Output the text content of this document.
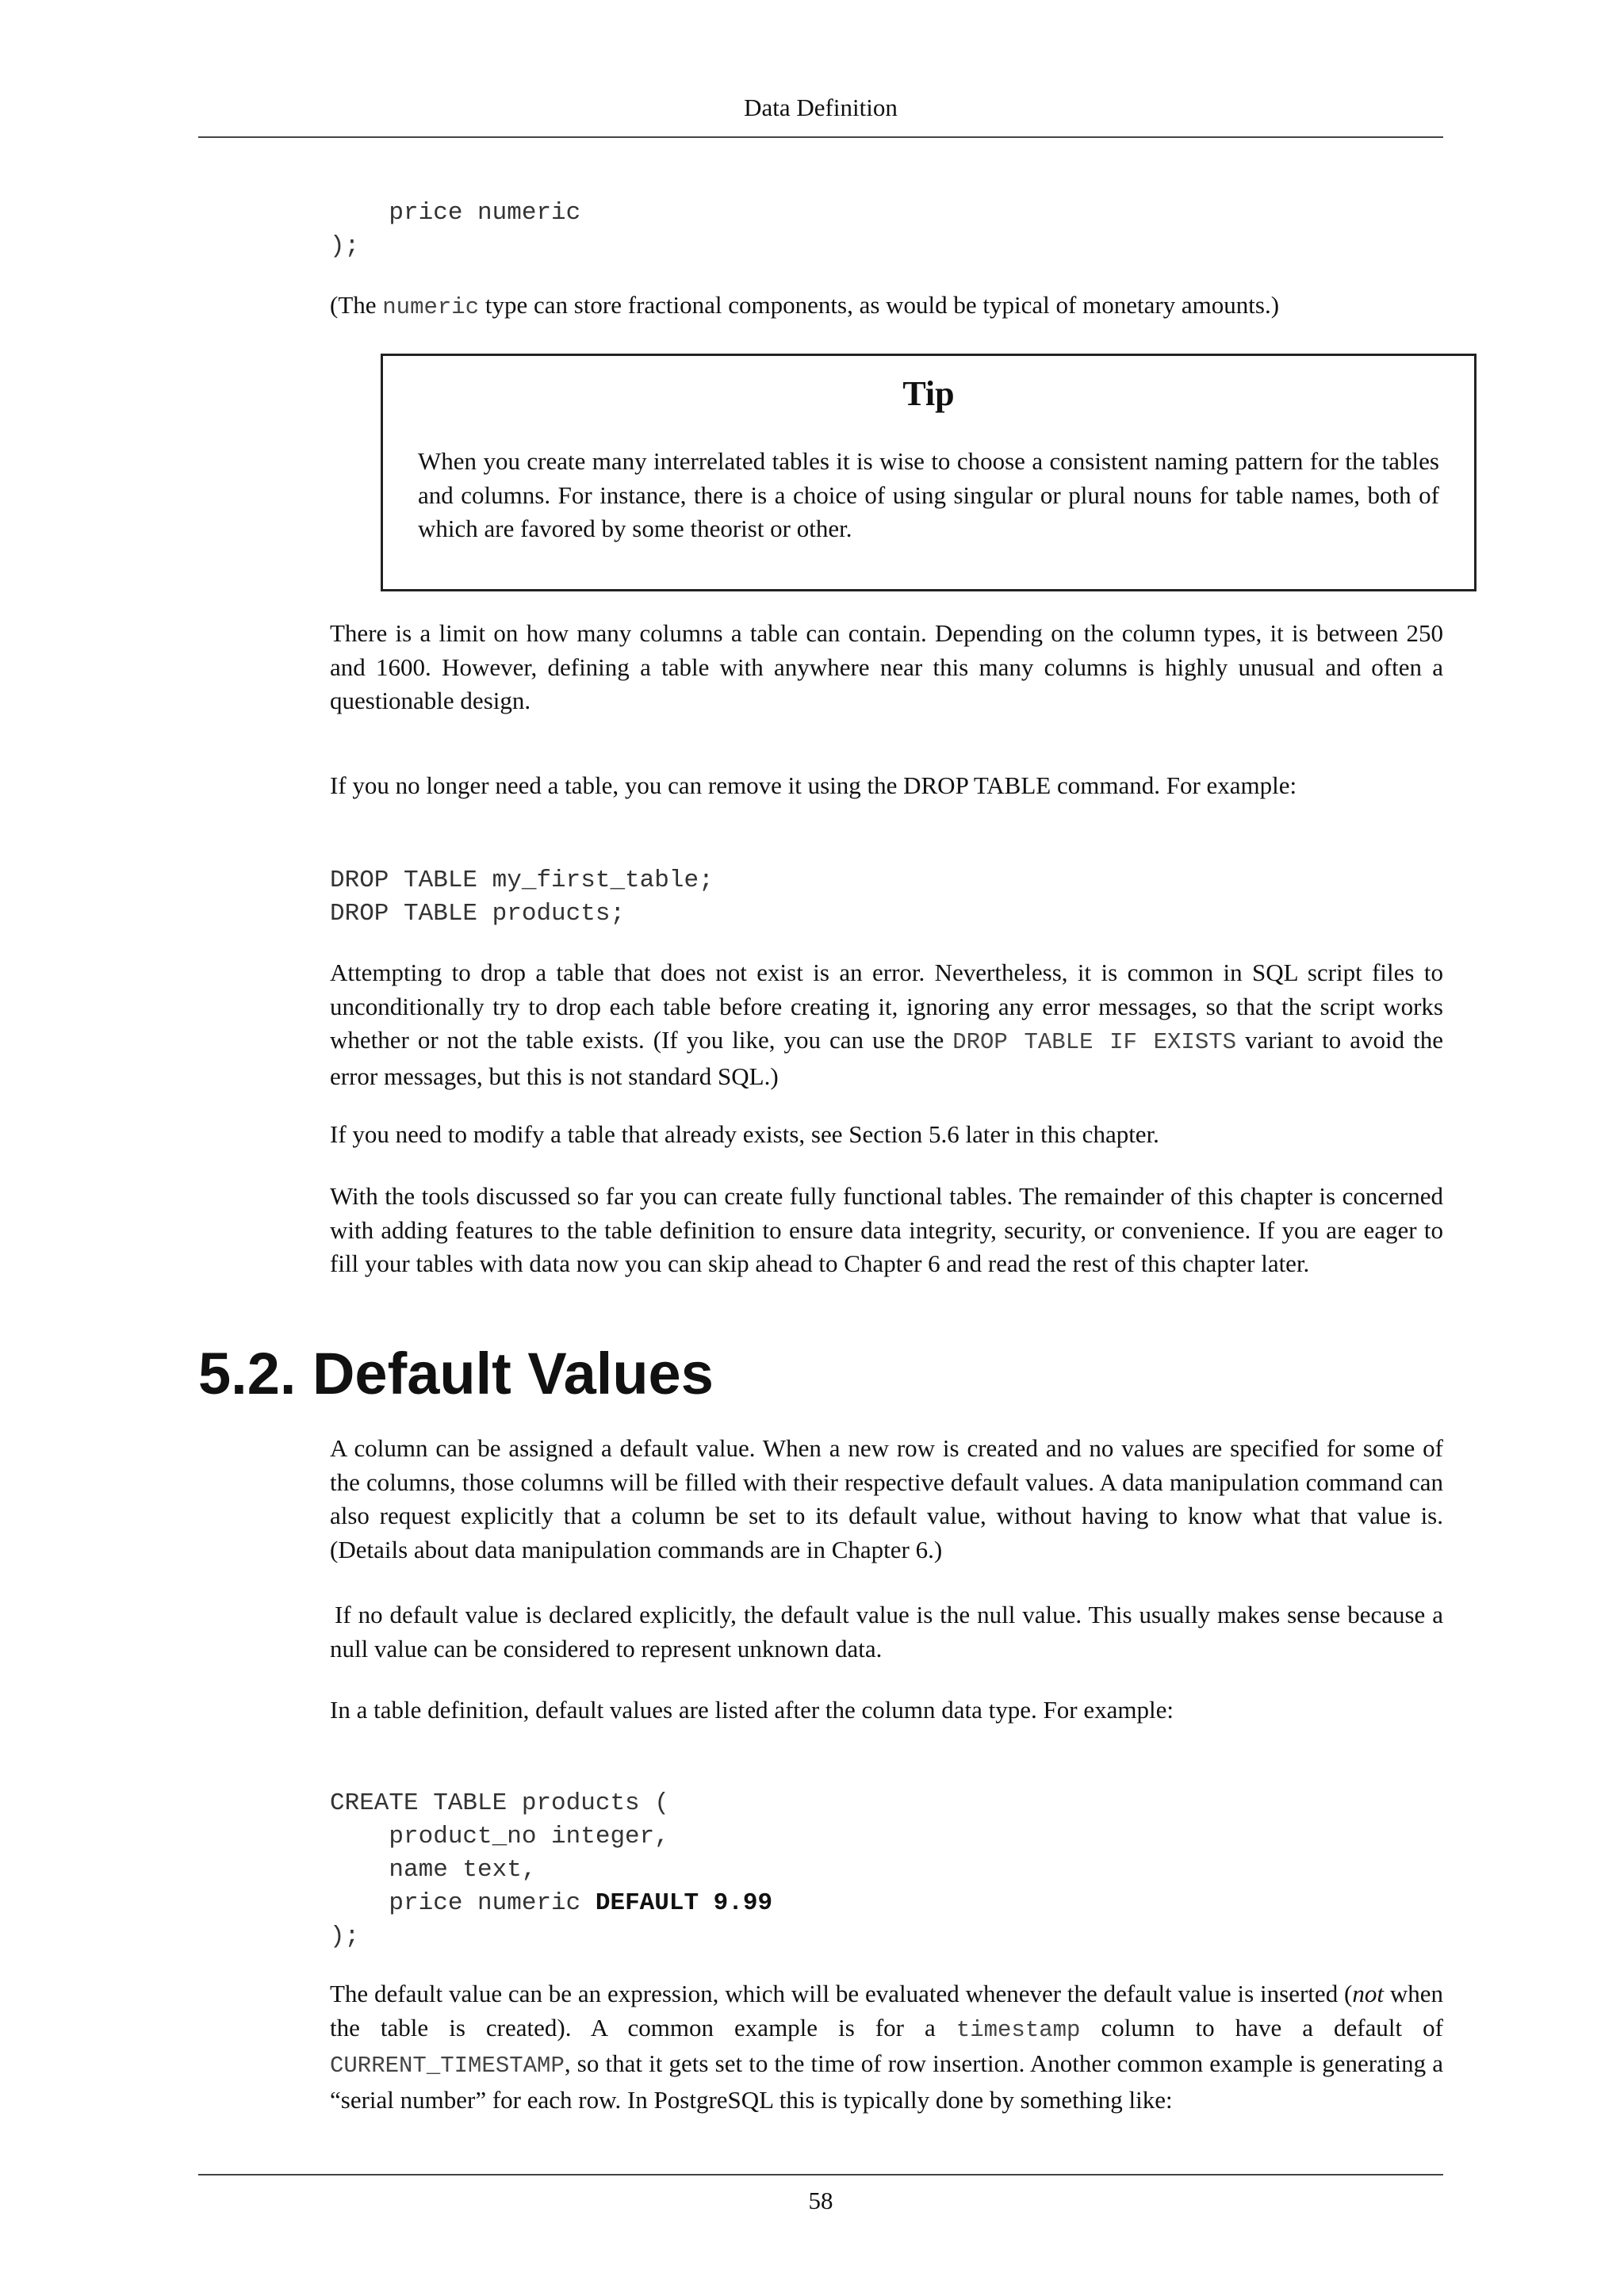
Data Definition
price numeric
);

(The numeric type can store fractional components, as would be typical of monetary amounts.)

Tip

When you create many interrelated tables it is wise to choose a consistent naming pattern for the tables and columns. For instance, there is a choice of using singular or plural nouns for table names, both of which are favored by some theorist or other.

There is a limit on how many columns a table can contain. Depending on the column types, it is between 250 and 1600. However, defining a table with anywhere near this many columns is highly unusual and often a questionable design.

If you no longer need a table, you can remove it using the DROP TABLE command. For example:

DROP TABLE my_first_table;
DROP TABLE products;

Attempting to drop a table that does not exist is an error. Nevertheless, it is common in SQL script files to unconditionally try to drop each table before creating it, ignoring any error messages, so that the script works whether or not the table exists. (If you like, you can use the DROP TABLE IF EXISTS variant to avoid the error messages, but this is not standard SQL.)

If you need to modify a table that already exists, see Section 5.6 later in this chapter.

With the tools discussed so far you can create fully functional tables. The remainder of this chapter is concerned with adding features to the table definition to ensure data integrity, security, or convenience. If you are eager to fill your tables with data now you can skip ahead to Chapter 6 and read the rest of this chapter later.

5.2. Default Values

A column can be assigned a default value. When a new row is created and no values are specified for some of the columns, those columns will be filled with their respective default values. A data manipulation command can also request explicitly that a column be set to its default value, without having to know what that value is. (Details about data manipulation commands are in Chapter 6.)

If no default value is declared explicitly, the default value is the null value. This usually makes sense because a null value can be considered to represent unknown data.

In a table definition, default values are listed after the column data type. For example:

CREATE TABLE products (
product_no integer,
name text,
price numeric DEFAULT 9.99
);

The default value can be an expression, which will be evaluated whenever the default value is inserted (not when the table is created). A common example is for a timestamp column to have a default of CURRENT_TIMESTAMP, so that it gets set to the time of row insertion. Another common example is generating a “serial number” for each row. In PostgreSQL this is typically done by something like:

58
